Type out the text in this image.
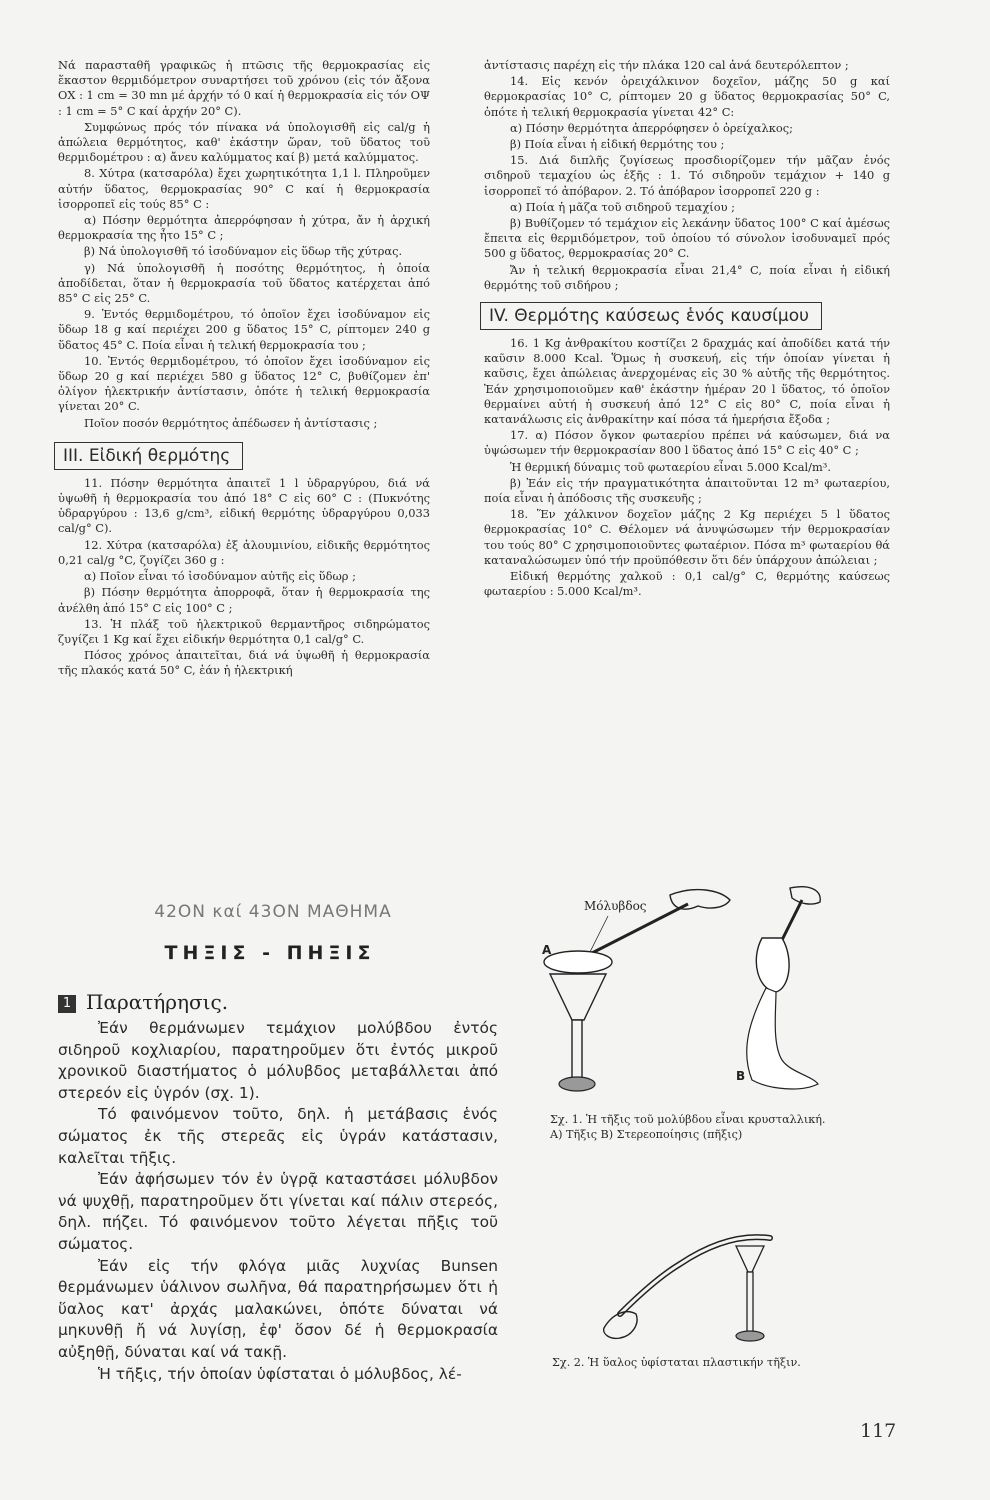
Νά παρασταθῆ γραφικῶς ἡ πτῶσις τῆς θερμοκρασίας εἰς ἕκαστον θερμιδόμετρον συναρτήσει τοῦ χρόνου (εἰς τόν ἄξονα ΟΧ : 1 cm = 30 mn μέ ἀρχήν τό 0 καί ἡ θερμοκρασία εἰς τόν ΟΨ : 1 cm = 5° C καί ἀρχήν 20° C).

Συμφώνως πρός τόν πίνακα νά ὑπολογισθῆ εἰς cal/g ἡ ἀπώλεια θερμότητος, καθ' ἑκάστην ὥραν, τοῦ ὕδατος τοῦ θερμιδομέτρου : α) ἄνευ καλύμματος καί β) μετά καλύμματος.

8. Χύτρα (κατσαρόλα) ἔχει χωρητικότητα 1,1 l. Πληροῦμεν αὐτήν ὕδατος, θερμοκρασίας 90° C καί ἡ θερμοκρασία ἰσορροπεῖ εἰς τούς 85° C :

α) Πόσην θερμότητα ἀπερρόφησαν ἡ χύτρα, ἄν ἡ ἀρχική θερμοκρασία της ἦτο 15° C ;

β) Νά ὑπολογισθῆ τό ἰσοδύναμον εἰς ὕδωρ τῆς χύτρας.

γ) Νά ὑπολογισθῆ ἡ ποσότης θερμότητος, ἡ ὁποία ἀποδίδεται, ὅταν ἡ θερμοκρασία τοῦ ὕδατος κατέρχεται ἀπό 85° C εἰς 25° C.

9. Ἐντός θερμιδομέτρου, τό ὁποῖον ἔχει ἰσοδύναμον εἰς ὕδωρ 18 g καί περιέχει 200 g ὕδατος 15° C, ρίπτομεν 240 g ὕδατος 45° C. Ποία εἶναι ἡ τελική θερμοκρασία του ;

10. Ἐντός θερμιδομέτρου, τό ὁποῖον ἔχει ἰσοδύναμον εἰς ὕδωρ 20 g καί περιέχει 580 g ὕδατος 12° C, βυθίζομεν ἐπ' ὀλίγον ἠλεκτρικήν ἀντίστασιν, ὁπότε ἡ τελική θερμοκρασία γίνεται 20° C.

Ποῖον ποσόν θερμότητος ἀπέδωσεν ἡ ἀντίστασις ;

III. Εἰδική θερμότης

11. Πόσην θερμότητα ἀπαιτεῖ 1 l ὑδραργύρου, διά νά ὑψωθῆ ἡ θερμοκρασία του ἀπό 18° C εἰς 60° C : (Πυκνότης ὑδραργύρου : 13,6 g/cm³, εἰδική θερμότης ὑδραργύρου 0,033 cal/g° C).

12. Χύτρα (κατσαρόλα) ἐξ ἀλουμινίου, εἰδικῆς θερμότητος 0,21 cal/g °C, ζυγίζει 360 g :

α) Ποῖον εἶναι τό ἰσοδύναμον αὐτῆς εἰς ὕδωρ ;

β) Πόσην θερμότητα ἀπορροφᾶ, ὅταν ἡ θερμοκρασία της ἀνέλθη ἀπό 15° C εἰς 100° C ;

13. Ἡ πλάξ τοῦ ἠλεκτρικοῦ θερμαντῆρος σιδηρώματος ζυγίζει 1 Kg καί ἔχει εἰδικήν θερμότητα 0,1 cal/g° C.

Πόσος χρόνος ἀπαιτεῖται, διά νά ὑψωθῆ ἡ θερμοκρασία τῆς πλακός κατά 50° C, ἐάν ἡ ἠλεκτρική

ἀντίστασις παρέχη εἰς τήν πλάκα 120 cal ἀνά δευτερόλεπτον ;

14. Εἰς κενόν ὀρειχάλκινον δοχεῖον, μάζης 50 g καί θερμοκρασίας 10° C, ρίπτομεν 20 g ὕδατος θερμοκρασίας 50° C, ὁπότε ἡ τελική θερμοκρασία γίνεται 42° C:

α) Πόσην θερμότητα ἀπερρόφησεν ὁ ὀρείχαλκος;

β) Ποία εἶναι ἡ εἰδική θερμότης του ;

15. Διά διπλῆς ζυγίσεως προσδιορίζομεν τήν μᾶζαν ἑνός σιδηροῦ τεμαχίου ὡς ἑξῆς : 1. Τό σιδηροῦν τεμάχιον + 140 g ἰσορροπεῖ τό ἀπόβαρον. 2. Τό ἀπόβαρον ἰσορροπεῖ 220 g :

α) Ποία ἡ μᾶζα τοῦ σιδηροῦ τεμαχίου ;

β) Βυθίζομεν τό τεμάχιον εἰς λεκάνην ὕδατος 100° C καί ἀμέσως ἔπειτα εἰς θερμιδόμετρον, τοῦ ὁποίου τό σύνολον ἰσοδυναμεῖ πρός 500 g ὕδατος, θερμοκρασίας 20° C.

Ἄν ἡ τελική θερμοκρασία εἶναι 21,4° C, ποία εἶναι ἡ εἰδική θερμότης τοῦ σιδήρου ;

IV. Θερμότης καύσεως ἑνός καυσίμου

16. 1 Kg ἀνθρακίτου κοστίζει 2 δραχμάς καί ἀποδίδει κατά τήν καῦσιν 8.000 Kcal. Ὅμως ἡ συσκευή, εἰς τήν ὁποίαν γίνεται ἡ καῦσις, ἔχει ἀπώλειας ἀνερχομένας εἰς 30 % αὐτῆς τῆς θερμότητος. Ἐάν χρησιμοποιοῦμεν καθ' ἑκάστην ἡμέραν 20 l ὕδατος, τό ὁποῖον θερμαίνει αὐτή ἡ συσκευή ἀπό 12° C εἰς 80° C, ποία εἶναι ἡ κατανάλωσις εἰς ἀνθρακίτην καί πόσα τά ἡμερήσια ἔξοδα ;

17. α) Πόσον ὄγκον φωταερίου πρέπει νά καύσωμεν, διά να ὑψώσωμεν τήν θερμοκρασίαν 800 l ὕδατος ἀπό 15° C εἰς 40° C ;

Ἡ θερμική δύναμις τοῦ φωταερίου εἶναι 5.000 Kcal/m³.

β) Ἐάν εἰς τήν πραγματικότητα ἀπαιτοῦνται 12 m³ φωταερίου, ποία εἶναι ἡ ἀπόδοσις τῆς συσκευῆς ;

18. Ἕν χάλκινον δοχεῖον μάζης 2 Kg περιέχει 5 l ὕδατος θερμοκρασίας 10° C. Θέλομεν νά ἀνυψώσωμεν τήν θερμοκρασίαν του τούς 80° C χρησιμοποιοῦντες φωταέριον. Πόσα m³ φωταερίου θά καταναλώσωμεν ὑπό τήν προϋπόθεσιν ὅτι δέν ὑπάρχουν ἀπώλειαι ;

Εἰδική θερμότης χαλκοῦ : 0,1 cal/g° C, θερμότης καύσεως φωταερίου : 5.000 Kcal/m³.

42ΟΝ καί 43ΟΝ ΜΑΘΗΜΑ
ΤΗΞΙΣ - ΠΗΞΙΣ
1 Παρατήρησις.

Ἐάν θερμάνωμεν τεμάχιον μολύβδου ἐντός σιδηροῦ κοχλιαρίου, παρατηροῦμεν ὅτι ἐντός μικροῦ χρονικοῦ διαστήματος ὁ μόλυβδος μεταβάλλεται ἀπό στερεόν εἰς ὑγρόν (σχ. 1).

Τό φαινόμενον τοῦτο, δηλ. ἡ μετάβασις ἑνός σώματος ἐκ τῆς στερεᾶς εἰς ὑγράν κατάστασιν, καλεῖται τῆξις.

Ἐάν ἀφήσωμεν τόν ἐν ὑγρᾷ καταστάσει μόλυβδον νά ψυχθῇ, παρατηροῦμεν ὅτι γίνεται καί πάλιν στερεός, δηλ. πήζει. Τό φαινόμενον τοῦτο λέγεται πῆξις τοῦ σώματος.

Ἐάν εἰς τήν φλόγα μιᾶς λυχνίας Bunsen θερμάνωμεν ὑάλινον σωλῆνα, θά παρατηρήσωμεν ὅτι ἡ ὕαλος κατ' ἀρχάς μαλακώνει, ὁπότε δύναται νά μηκυνθῇ ἤ νά λυγίσῃ, ἐφ' ὅσον δέ ἡ θερμοκρασία αὐξηθῇ, δύναται καί νά τακῇ.

Ἡ τῆξις, τήν ὁποίαν ὑφίσταται ὁ μόλυβδος, λέ-

Μόλυβδος
A
B
Σχ. 1. Ἡ τῆξις τοῦ μολύβδου εἶναι κρυσταλλική.
Α) Τῆξις Β) Στερεοποίησις (πῆξις)
Σχ. 2. Ἡ ὕαλος ὑφίσταται πλαστικήν τῆξιν.
117
